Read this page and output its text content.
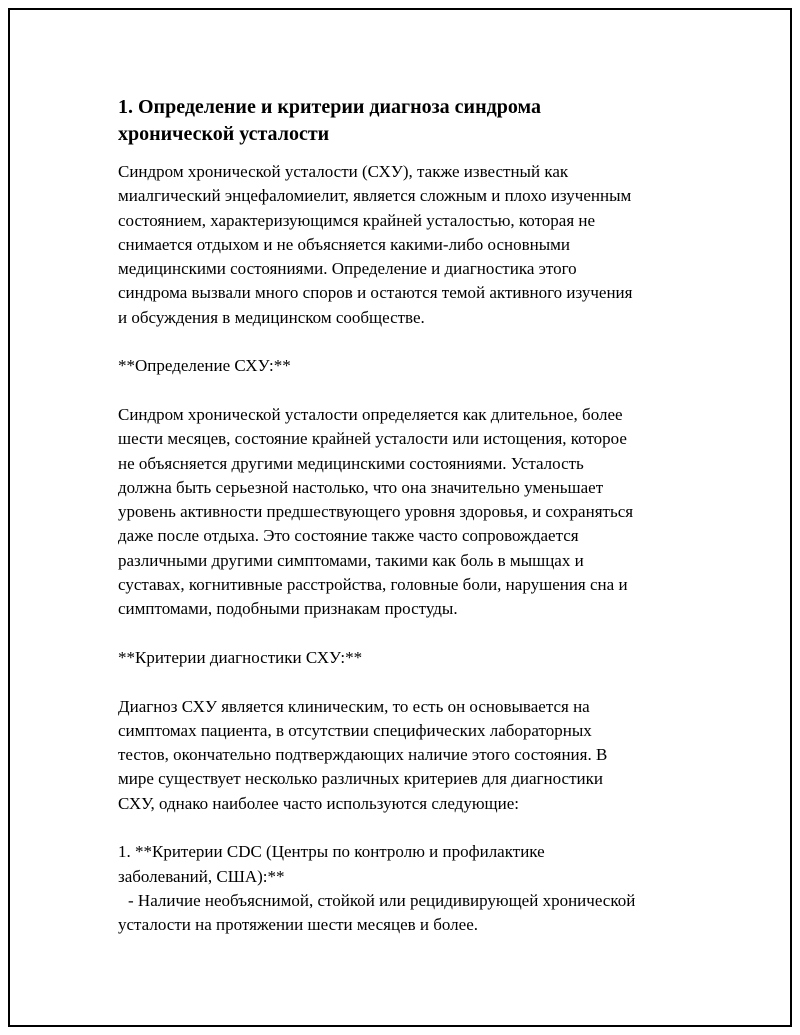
1. Определение и критерии диагноза синдрома хронической усталости

Синдром хронической усталости (СХУ), также известный как
миалгический энцефаломиелит, является сложным и плохо изученным
состоянием, характеризующимся крайней усталостью, которая не
снимается отдыхом и не объясняется какими-либо основными
медицинскими состояниями. Определение и диагностика этого
синдрома вызвали много споров и остаются темой активного изучения
и обсуждения в медицинском сообществе.

**Определение СХУ:**

Синдром хронической усталости определяется как длительное, более
шести месяцев, состояние крайней усталости или истощения, которое
не объясняется другими медицинскими состояниями. Усталость
должна быть серьезной настолько, что она значительно уменьшает
уровень активности предшествующего уровня здоровья, и сохраняться
даже после отдыха. Это состояние также часто сопровождается
различными другими симптомами, такими как боль в мышцах и
суставах, когнитивные расстройства, головные боли, нарушения сна и
симптомами, подобными признакам простуды.

**Критерии диагностики СХУ:**

Диагноз СХУ является клиническим, то есть он основывается на
симптомах пациента, в отсутствии специфических лабораторных
тестов, окончательно подтверждающих наличие этого состояния. В
мире существует несколько различных критериев для диагностики
СХУ, однако наиболее часто используются следующие:

1. **Критерии CDC (Центры по контролю и профилактике
заболеваний, США):**

- Наличие необъяснимой, стойкой или рецидивирующей хронической

усталости на протяжении шести месяцев и более.
